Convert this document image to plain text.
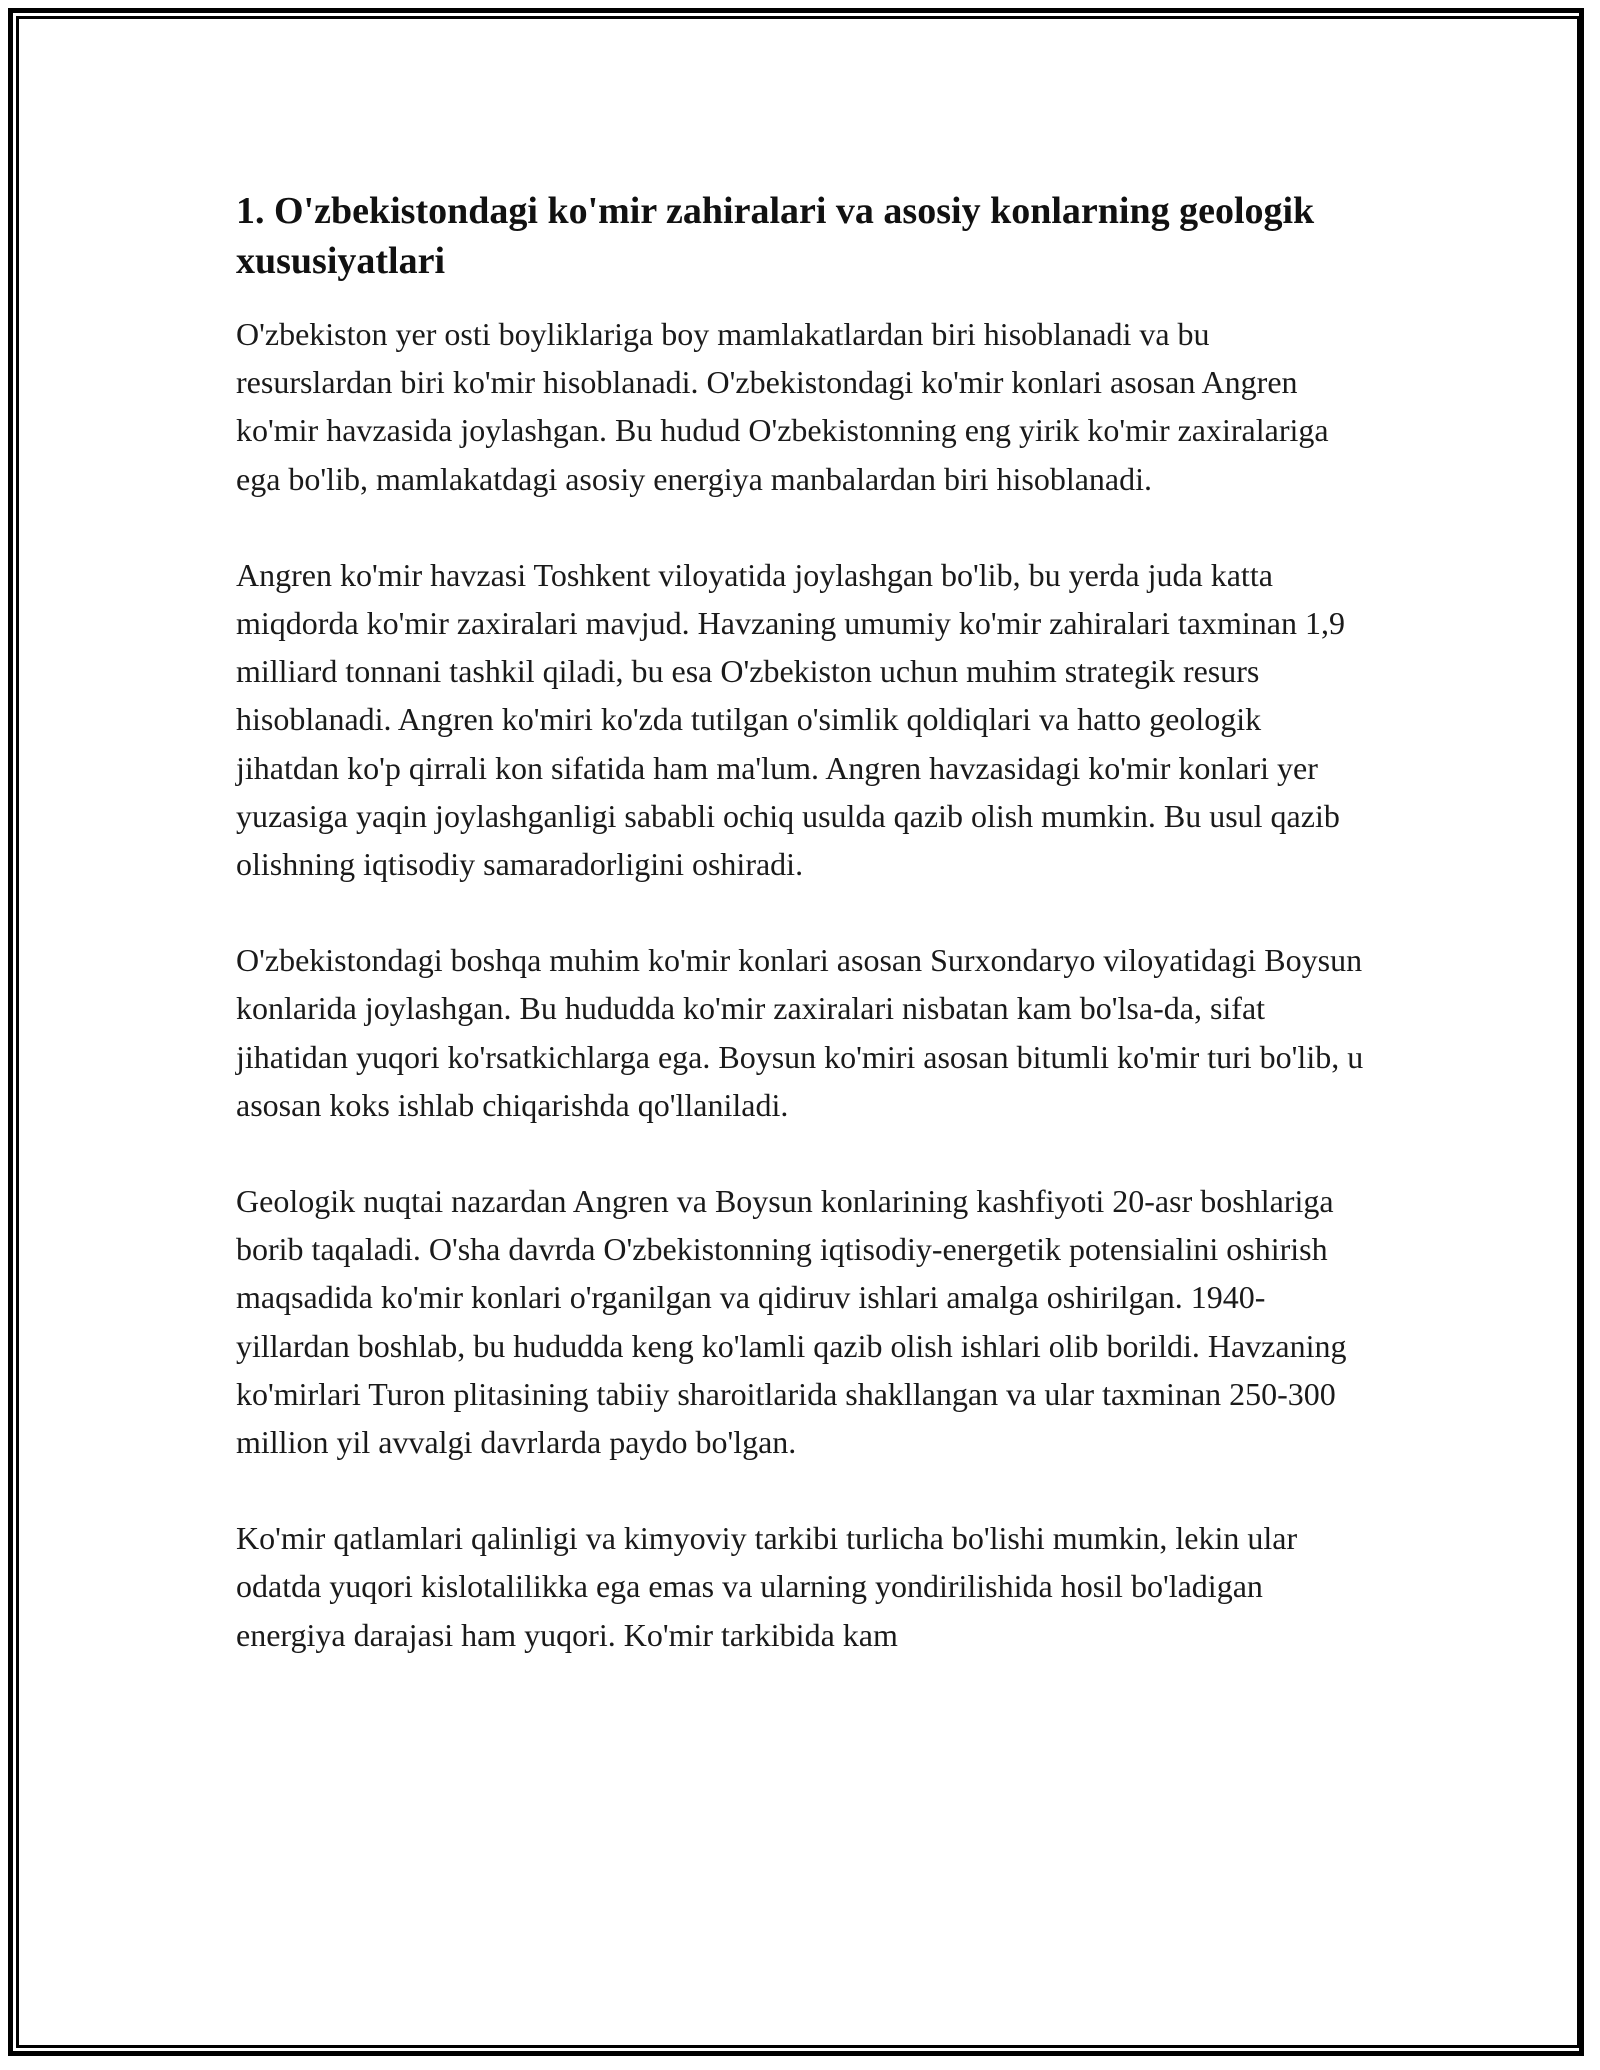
1. O'zbekistondagi ko'mir zahiralari va asosiy konlarning geologik xususiyatlari

O'zbekiston yer osti boyliklariga boy mamlakatlardan biri hisoblanadi va bu resurslardan biri ko'mir hisoblanadi. O'zbekistondagi ko'mir konlari asosan Angren ko'mir havzasida joylashgan. Bu hudud O'zbekistonning eng yirik ko'mir zaxiralariga ega bo'lib, mamlakatdagi asosiy energiya manbalardan biri hisoblanadi.

Angren ko'mir havzasi Toshkent viloyatida joylashgan bo'lib, bu yerda juda katta miqdorda ko'mir zaxiralari mavjud. Havzaning umumiy ko'mir zahiralari taxminan 1,9 milliard tonnani tashkil qiladi, bu esa O'zbekiston uchun muhim strategik resurs hisoblanadi. Angren ko'miri ko'zda tutilgan o'simlik qoldiqlari va hatto geologik jihatdan ko'p qirrali kon sifatida ham ma'lum. Angren havzasidagi ko'mir konlari yer yuzasiga yaqin joylashganligi sababli ochiq usulda qazib olish mumkin. Bu usul qazib olishning iqtisodiy samaradorligini oshiradi.

O'zbekistondagi boshqa muhim ko'mir konlari asosan Surxondaryo viloyatidagi Boysun konlarida joylashgan. Bu hududda ko'mir zaxiralari nisbatan kam bo'lsa-da, sifat jihatidan yuqori ko'rsatkichlarga ega. Boysun ko'miri asosan bitumli ko'mir turi bo'lib, u asosan koks ishlab chiqarishda qo'llaniladi.

Geologik nuqtai nazardan Angren va Boysun konlarining kashfiyoti 20-asr boshlariga borib taqaladi. O'sha davrda O'zbekistonning iqtisodiy-energetik potensialini oshirish maqsadida ko'mir konlari o'rganilgan va qidiruv ishlari amalga oshirilgan. 1940-yillardan boshlab, bu hududda keng ko'lamli qazib olish ishlari olib borildi. Havzaning ko'mirlari Turon plitasining tabiiy sharoitlarida shakllangan va ular taxminan 250-300 million yil avvalgi davrlarda paydo bo'lgan.

Ko'mir qatlamlari qalinligi va kimyoviy tarkibi turlicha bo'lishi mumkin, lekin ular odatda yuqori kislotalilikka ega emas va ularning yondirilishida hosil bo'ladigan energiya darajasi ham yuqori. Ko'mir tarkibida kam
